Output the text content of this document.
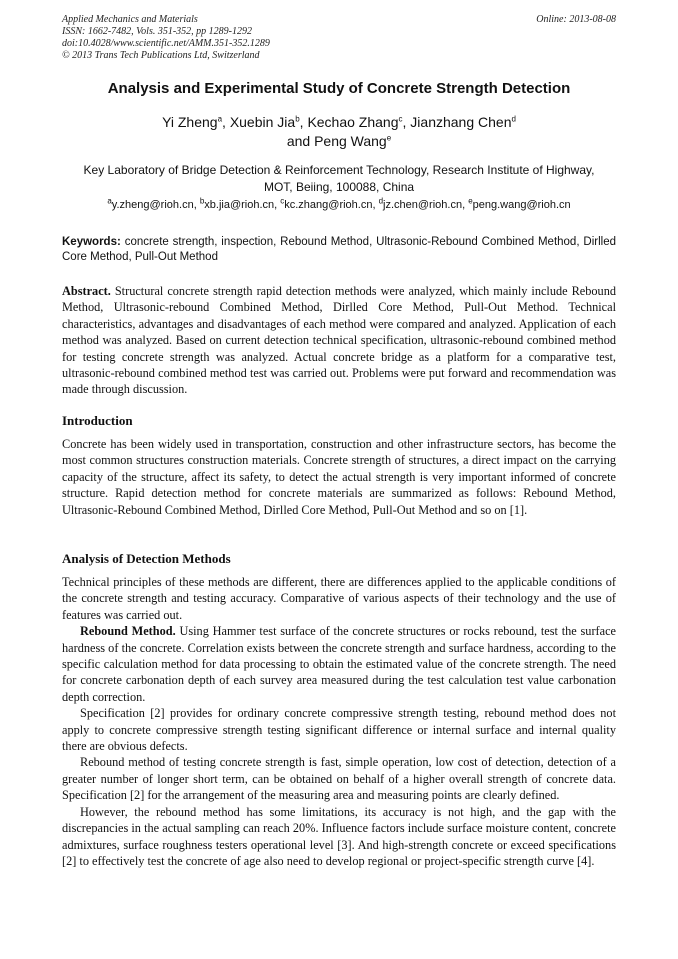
Applied Mechanics and Materials
ISSN: 1662-7482, Vols. 351-352, pp 1289-1292
doi:10.4028/www.scientific.net/AMM.351-352.1289
© 2013 Trans Tech Publications Ltd, Switzerland
Online: 2013-08-08
Analysis and Experimental Study of Concrete Strength Detection
Yi Zheng$^a$, Xuebin Jia$^b$, Kechao Zhang$^c$, Jianzhang Chen$^d$
and Peng Wang$^e$
Key Laboratory of Bridge Detection & Reinforcement Technology, Research Institute of Highway,
MOT, Beiing, 100088, China
$^a$y.zheng@rioh.cn, $^b$xb.jia@rioh.cn, $^c$kc.zhang@rioh.cn, $^d$jz.chen@rioh.cn, $^e$peng.wang@rioh.cn
Keywords: concrete strength, inspection, Rebound Method, Ultrasonic-Rebound Combined Method, Dirlled Core Method, Pull-Out Method
Abstract. Structural concrete strength rapid detection methods were analyzed, which mainly include Rebound Method, Ultrasonic-rebound Combined Method, Dirlled Core Method, Pull-Out Method. Technical characteristics, advantages and disadvantages of each method were compared and analyzed. Application of each method was analyzed. Based on current detection technical specification, ultrasonic-rebound combined method for testing concrete strength was analyzed. Actual concrete bridge as a platform for a comparative test, ultrasonic-rebound combined method test was carried out. Problems were put forward and recommendation was made through discussion.
Introduction

Concrete has been widely used in transportation, construction and other infrastructure sectors, has become the most common structures construction materials. Concrete strength of structures, a direct impact on the carrying capacity of the structure, affect its safety, to detect the actual strength is very important informed of concrete structure. Rapid detection method for concrete materials are summarized as follows: Rebound Method, Ultrasonic-Rebound Combined Method, Dirlled Core Method, Pull-Out Method and so on [1].

Analysis of Detection Methods

Technical principles of these methods are different, there are differences applied to the applicable conditions of the concrete strength and testing accuracy. Comparative of various aspects of their technology and the use of features was carried out.

Rebound Method. Using Hammer test surface of the concrete structures or rocks rebound, test the surface hardness of the concrete. Correlation exists between the concrete strength and surface hardness, according to the specific calculation method for data processing to obtain the estimated value of the concrete strength. The need for concrete carbonation depth of each survey area measured during the test calculation test value carbonation depth correction.

Specification [2] provides for ordinary concrete compressive strength testing, rebound method does not apply to concrete compressive strength testing significant difference or internal surface and internal quality there are obvious defects.

Rebound method of testing concrete strength is fast, simple operation, low cost of detection, detection of a greater number of longer short term, can be obtained on behalf of a higher overall strength of concrete data. Specification [2] for the arrangement of the measuring area and measuring points are clearly defined.

However, the rebound method has some limitations, its accuracy is not high, and the gap with the discrepancies in the actual sampling can reach 20%. Influence factors include surface moisture content, concrete admixtures, surface roughness testers operational level [3]. And high-strength concrete or exceed specifications [2] to effectively test the concrete of age also need to develop regional or project-specific strength curve [4].
